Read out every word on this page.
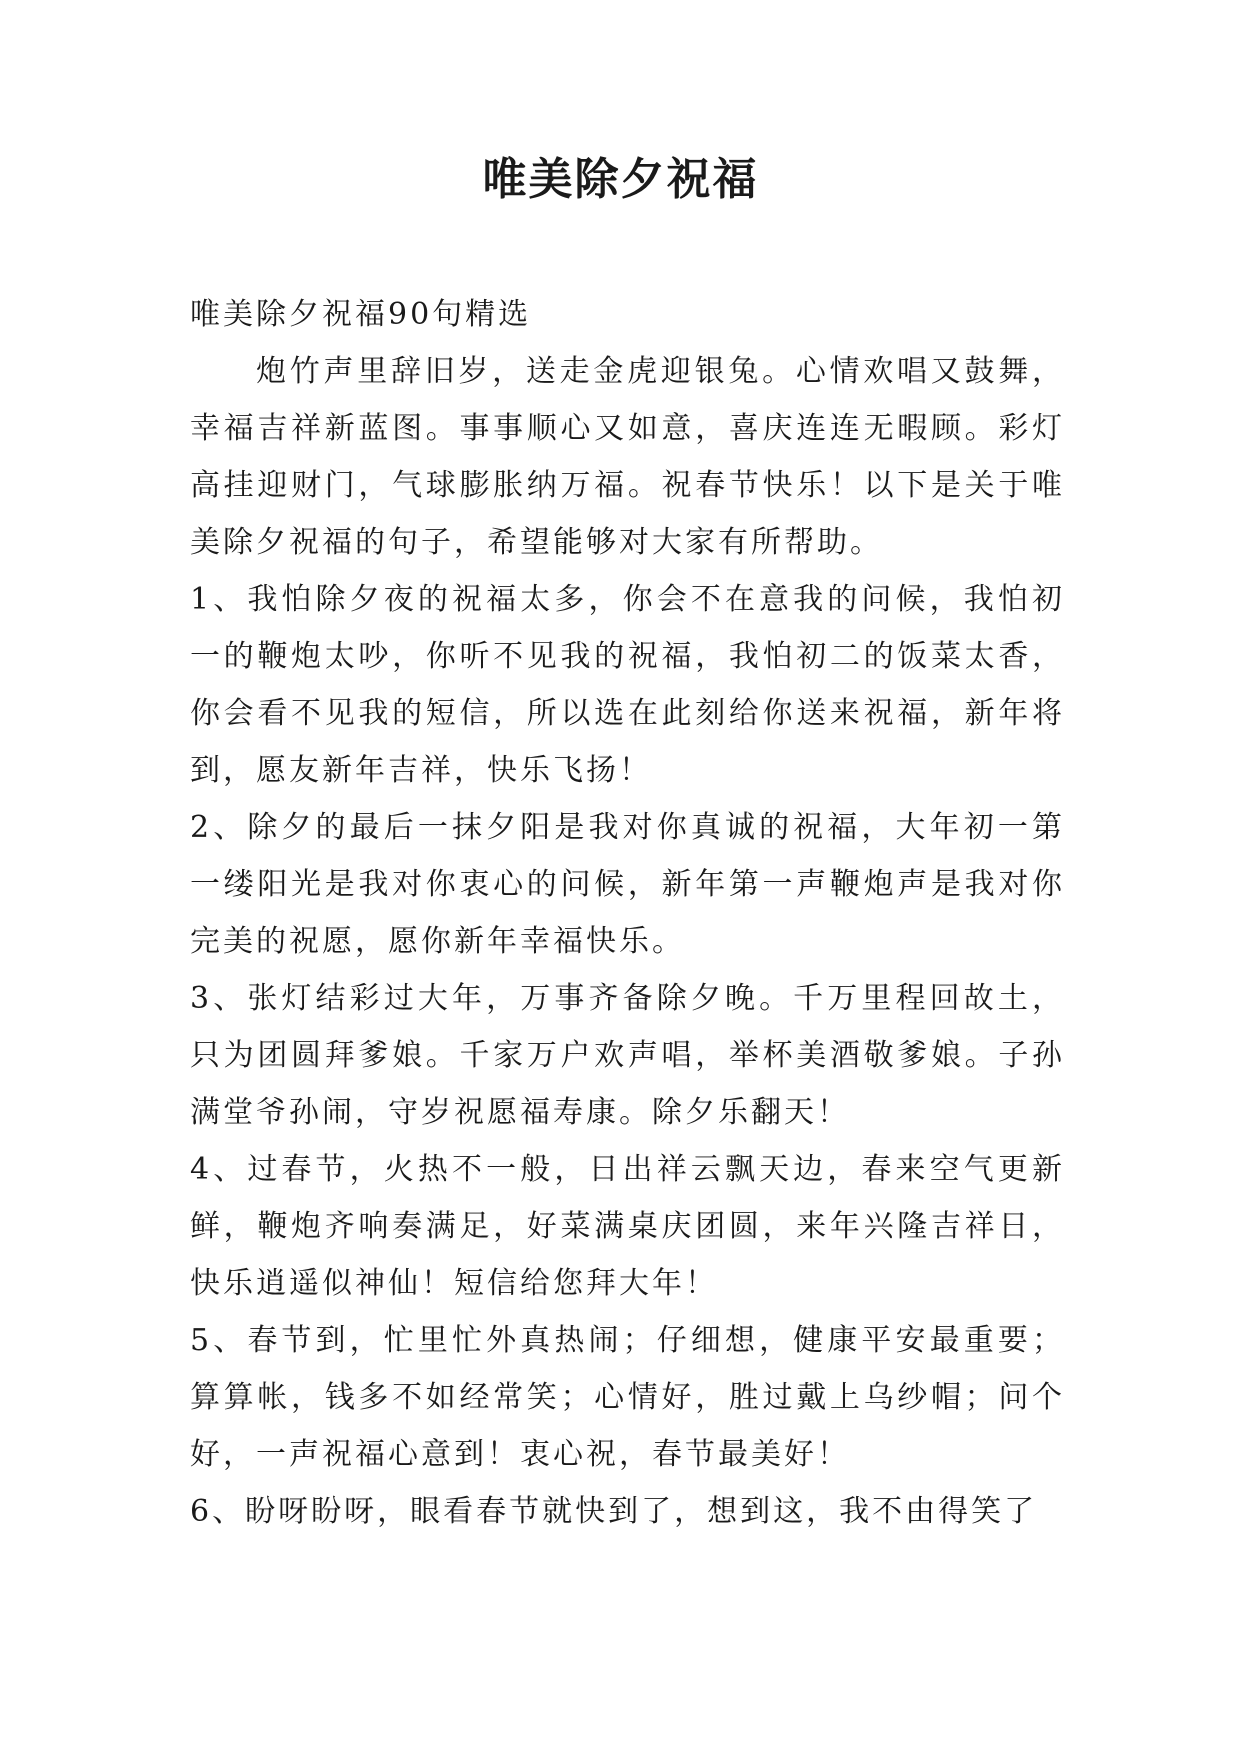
唯美除夕祝福

唯美除夕祝福90句精选

炮竹声里辞旧岁，送走金虎迎银兔。心情欢唱又鼓舞，幸福吉祥新蓝图。事事顺心又如意，喜庆连连无暇顾。彩灯高挂迎财门，气球膨胀纳万福。祝春节快乐！以下是关于唯美除夕祝福的句子，希望能够对大家有所帮助。

1、我怕除夕夜的祝福太多，你会不在意我的问候，我怕初一的鞭炮太吵，你听不见我的祝福，我怕初二的饭菜太香，你会看不见我的短信，所以选在此刻给你送来祝福，新年将到，愿友新年吉祥，快乐飞扬！

2、除夕的最后一抹夕阳是我对你真诚的祝福，大年初一第一缕阳光是我对你衷心的问候，新年第一声鞭炮声是我对你完美的祝愿，愿你新年幸福快乐。

3、张灯结彩过大年，万事齐备除夕晚。千万里程回故土，只为团圆拜爹娘。千家万户欢声唱，举杯美酒敬爹娘。子孙满堂爷孙闹，守岁祝愿福寿康。除夕乐翻天！

4、过春节，火热不一般，日出祥云飘天边，春来空气更新鲜，鞭炮齐响奏满足，好菜满桌庆团圆，来年兴隆吉祥日，快乐逍遥似神仙！短信给您拜大年！

5、春节到，忙里忙外真热闹；仔细想，健康平安最重要；算算帐，钱多不如经常笑；心情好，胜过戴上乌纱帽；问个好，一声祝福心意到！衷心祝，春节最美好！

6、盼呀盼呀，眼看春节就快到了，想到这，我不由得笑了
